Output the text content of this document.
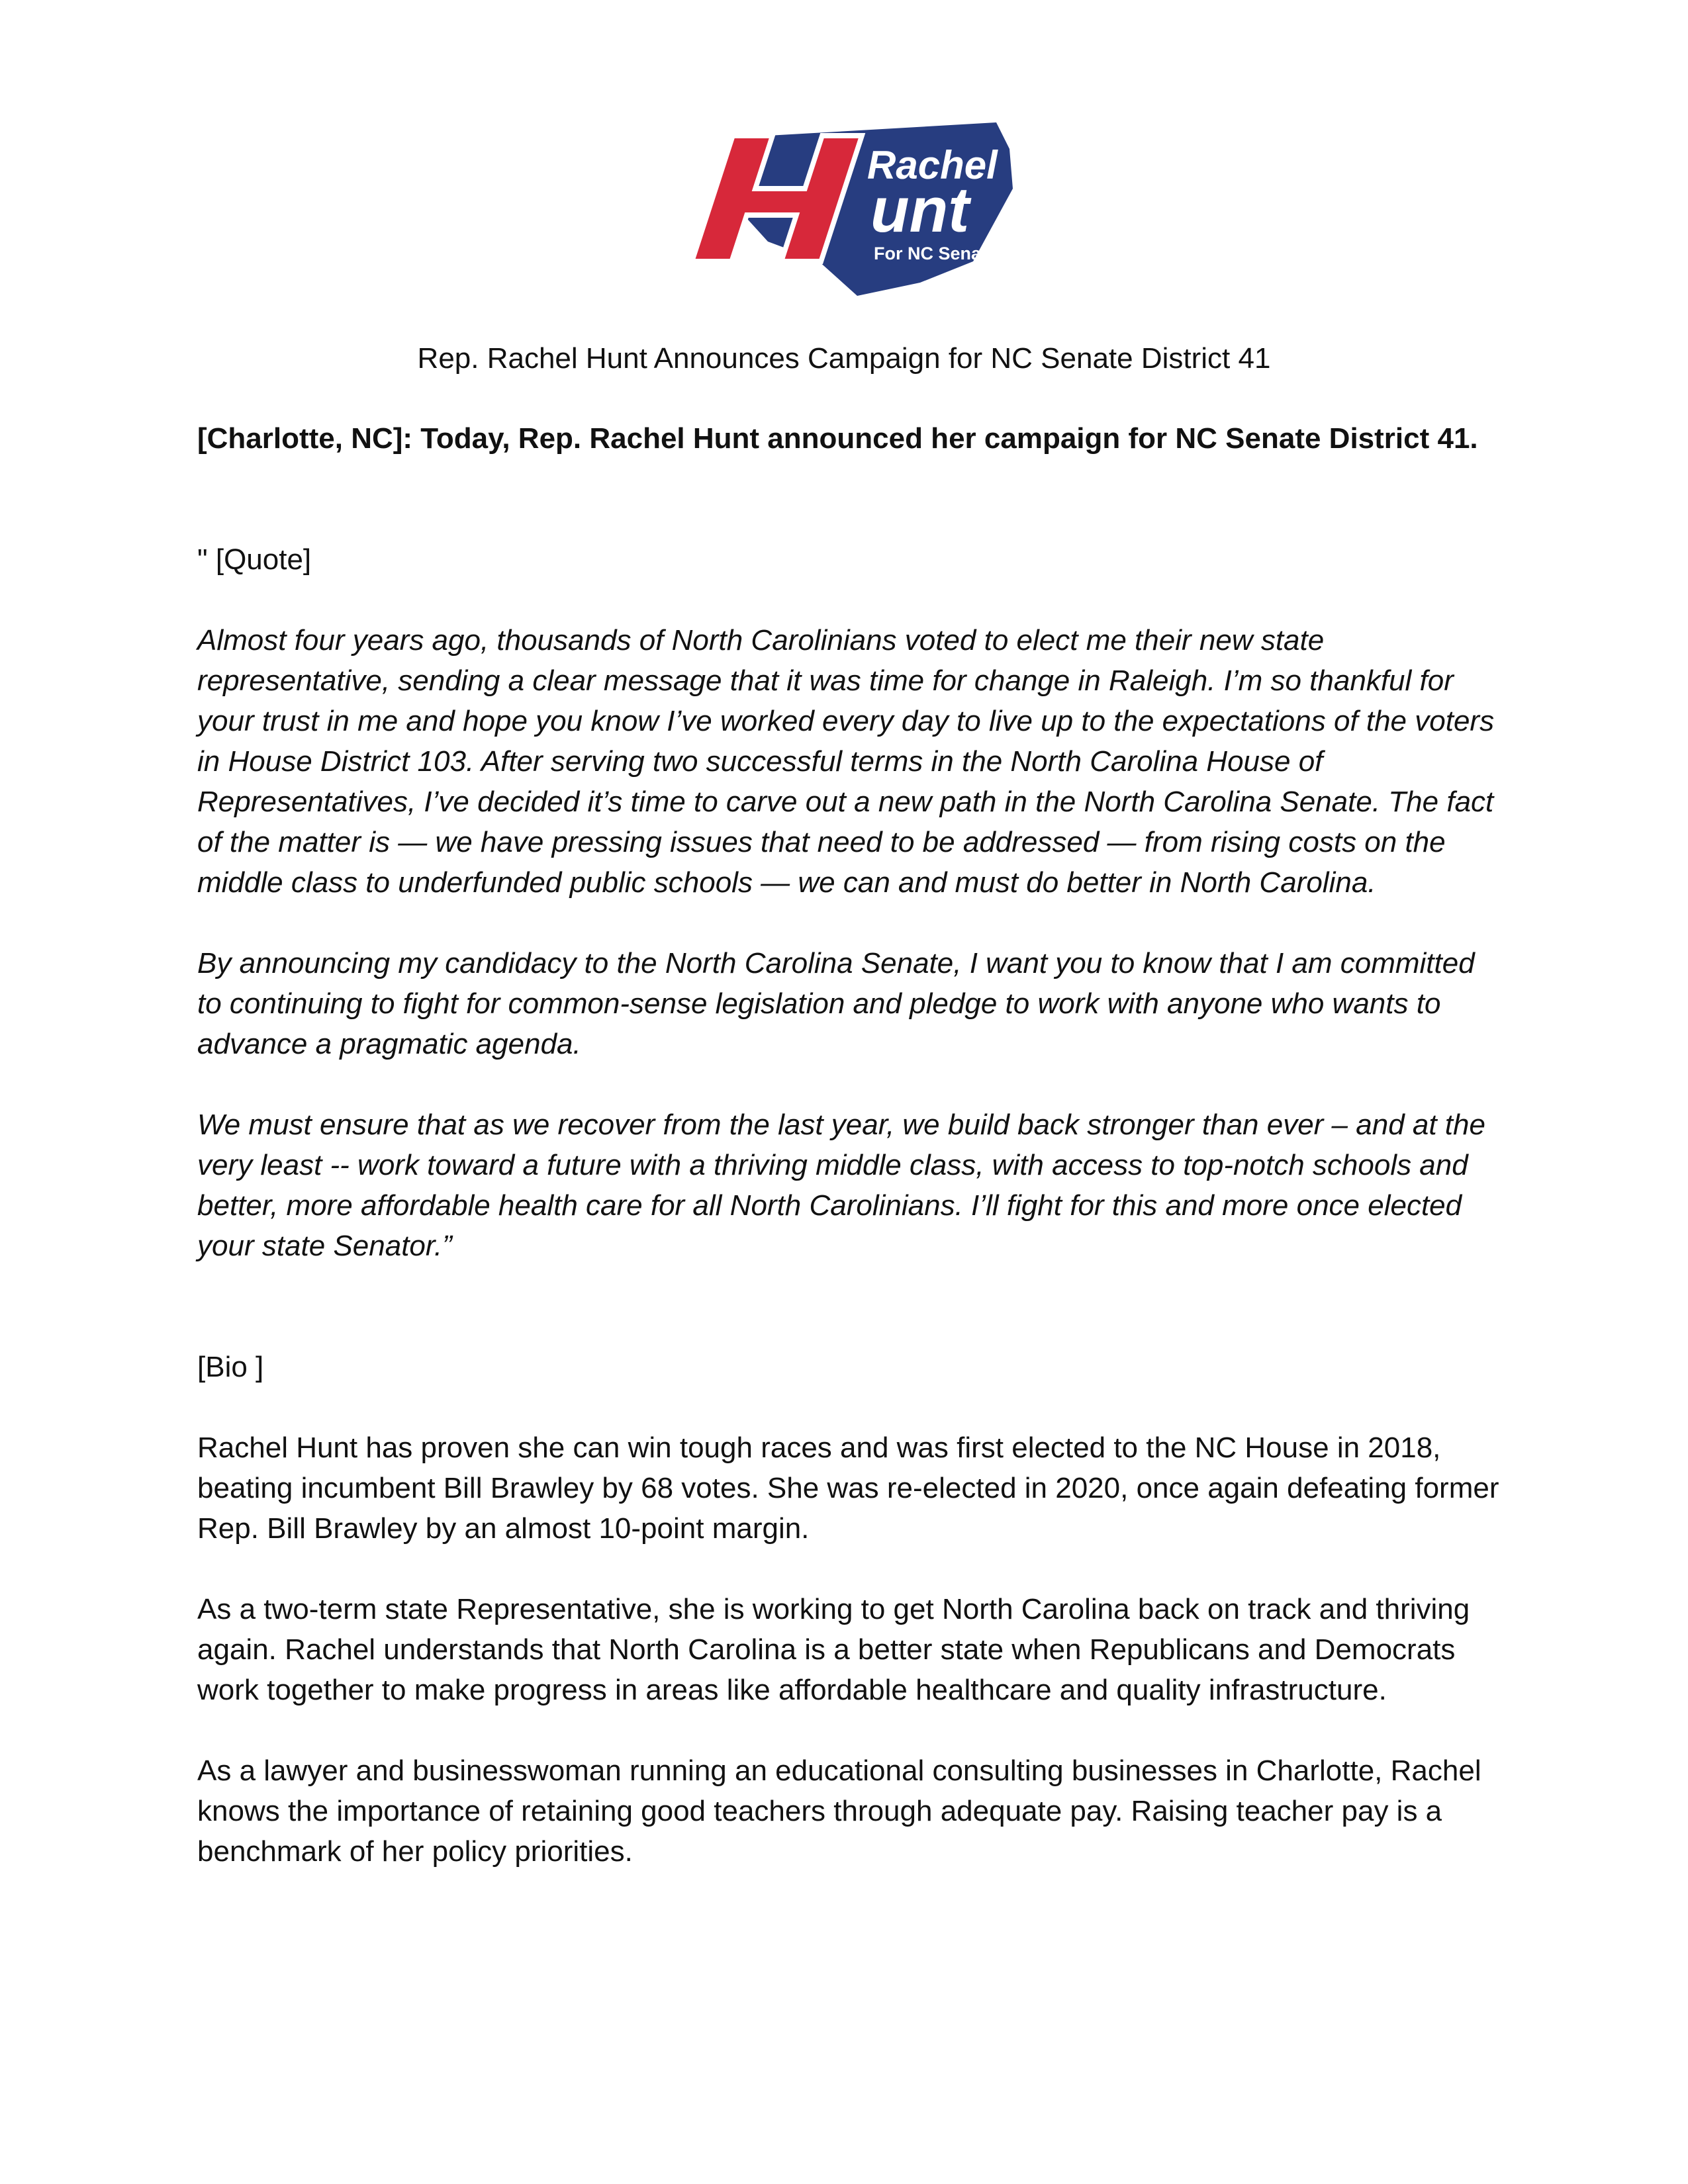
Rachel
unt
For NC Senate
Rep. Rachel Hunt Announces Campaign for NC Senate District 41
[Charlotte, NC]: Today, Rep. Rachel Hunt announced her campaign for NC Senate District 41.

" [Quote]

Almost four years ago, thousands of North Carolinians voted to elect me their new state representative, sending a clear message that it was time for change in Raleigh. I’m so thankful for your trust in me and hope you know I’ve worked every day to live up to the expectations of the voters in House District 103. After serving two successful terms in the North Carolina House of Representatives, I’ve decided it’s time to carve out a new path in the North Carolina Senate. The fact of the matter is — we have pressing issues that need to be addressed — from rising costs on the middle class to underfunded public schools — we can and must do better in North Carolina.

By announcing my candidacy to the North Carolina Senate, I want you to know that I am committed to continuing to fight for common-sense legislation and pledge to work with anyone who wants to advance a pragmatic agenda.

We must ensure that as we recover from the last year, we build back stronger than ever – and at the very least -- work toward a future with a thriving middle class, with access to top-notch schools and better, more affordable health care for all North Carolinians. I’ll fight for this and more once elected your state Senator.”

[Bio ]

Rachel Hunt has proven she can win tough races and was first elected to the NC House in 2018, beating incumbent Bill Brawley by 68 votes. She was re-elected in 2020, once again defeating former Rep. Bill Brawley by an almost 10-point margin.

As a two-term state Representative, she is working to get North Carolina back on track and thriving again. Rachel understands that North Carolina is a better state when Republicans and Democrats work together to make progress in areas like affordable healthcare and quality infrastructure.

As a lawyer and businesswoman running an educational consulting businesses in Charlotte, Rachel knows the importance of retaining good teachers through adequate pay. Raising teacher pay is a benchmark of her policy priorities.
